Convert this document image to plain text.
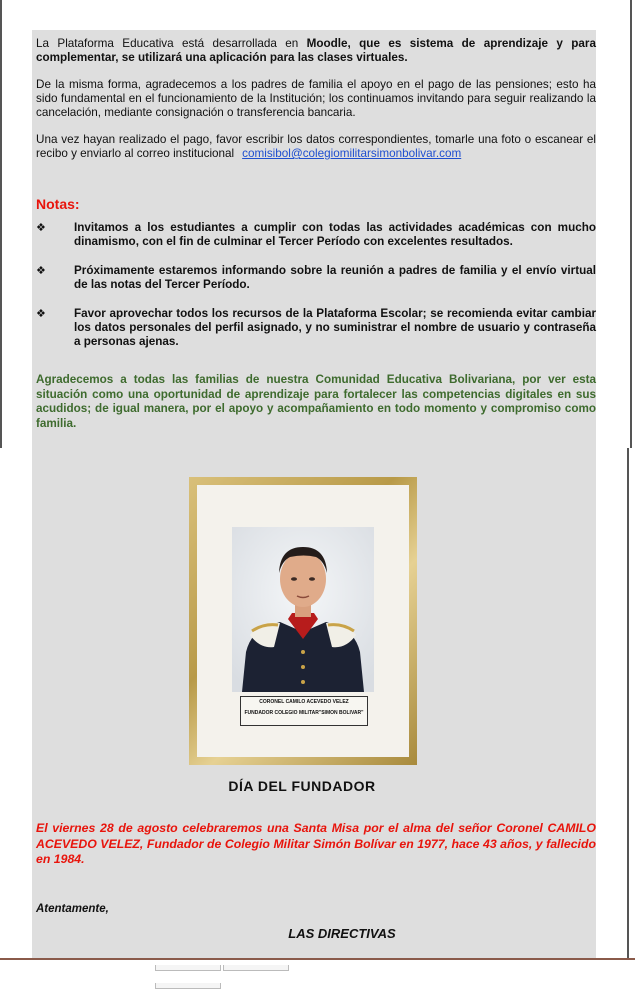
La Plataforma Educativa está desarrollada en Moodle, que es sistema de aprendizaje y para complementar, se utilizará una aplicación para las clases virtuales.

De la misma forma, agradecemos a los padres de familia el apoyo en el pago de las pensiones; esto ha sido fundamental en el funcionamiento de la Institución; los continuamos invitando para seguir realizando la cancelación, mediante consignación o transferencia bancaria.

Una vez hayan realizado el pago, favor escribir los datos correspondientes, tomarle una foto o escanear el recibo y enviarlo al correo institucional comisibol@colegiomilitarsimonbolivar.com

Notas:

❖	Invitamos a los estudiantes a cumplir con todas las actividades académicas con mucho dinamismo, con el fin de culminar el Tercer Período con excelentes resultados.
❖	Próximamente estaremos informando sobre la reunión a padres de familia y el envío virtual de las notas del Tercer Período.
❖	Favor aprovechar todos los recursos de la Plataforma Escolar; se recomienda evitar cambiar los datos personales del perfil asignado, y no suministrar el nombre de usuario y contraseña a personas ajenas.

Agradecemos a todas las familias de nuestra Comunidad Educativa Bolivariana, por ver esta situación como una oportunidad de aprendizaje para fortalecer las competencias digitales en sus acudidos; de igual manera, por el apoyo y acompañamiento en todo momento y compromiso como familia.

CORONEL CAMILO ACEVEDO VELEZ
FUNDADOR COLEGIO MILITAR"SIMON BOLIVAR"

DÍA DEL FUNDADOR

El viernes 28 de agosto celebraremos una Santa Misa por el alma del señor Coronel CAMILO ACEVEDO VELEZ, Fundador de Colegio Militar Simón Bolívar en 1977, hace 43 años, y fallecido en 1984.

Atentamente,

LAS DIRECTIVAS
